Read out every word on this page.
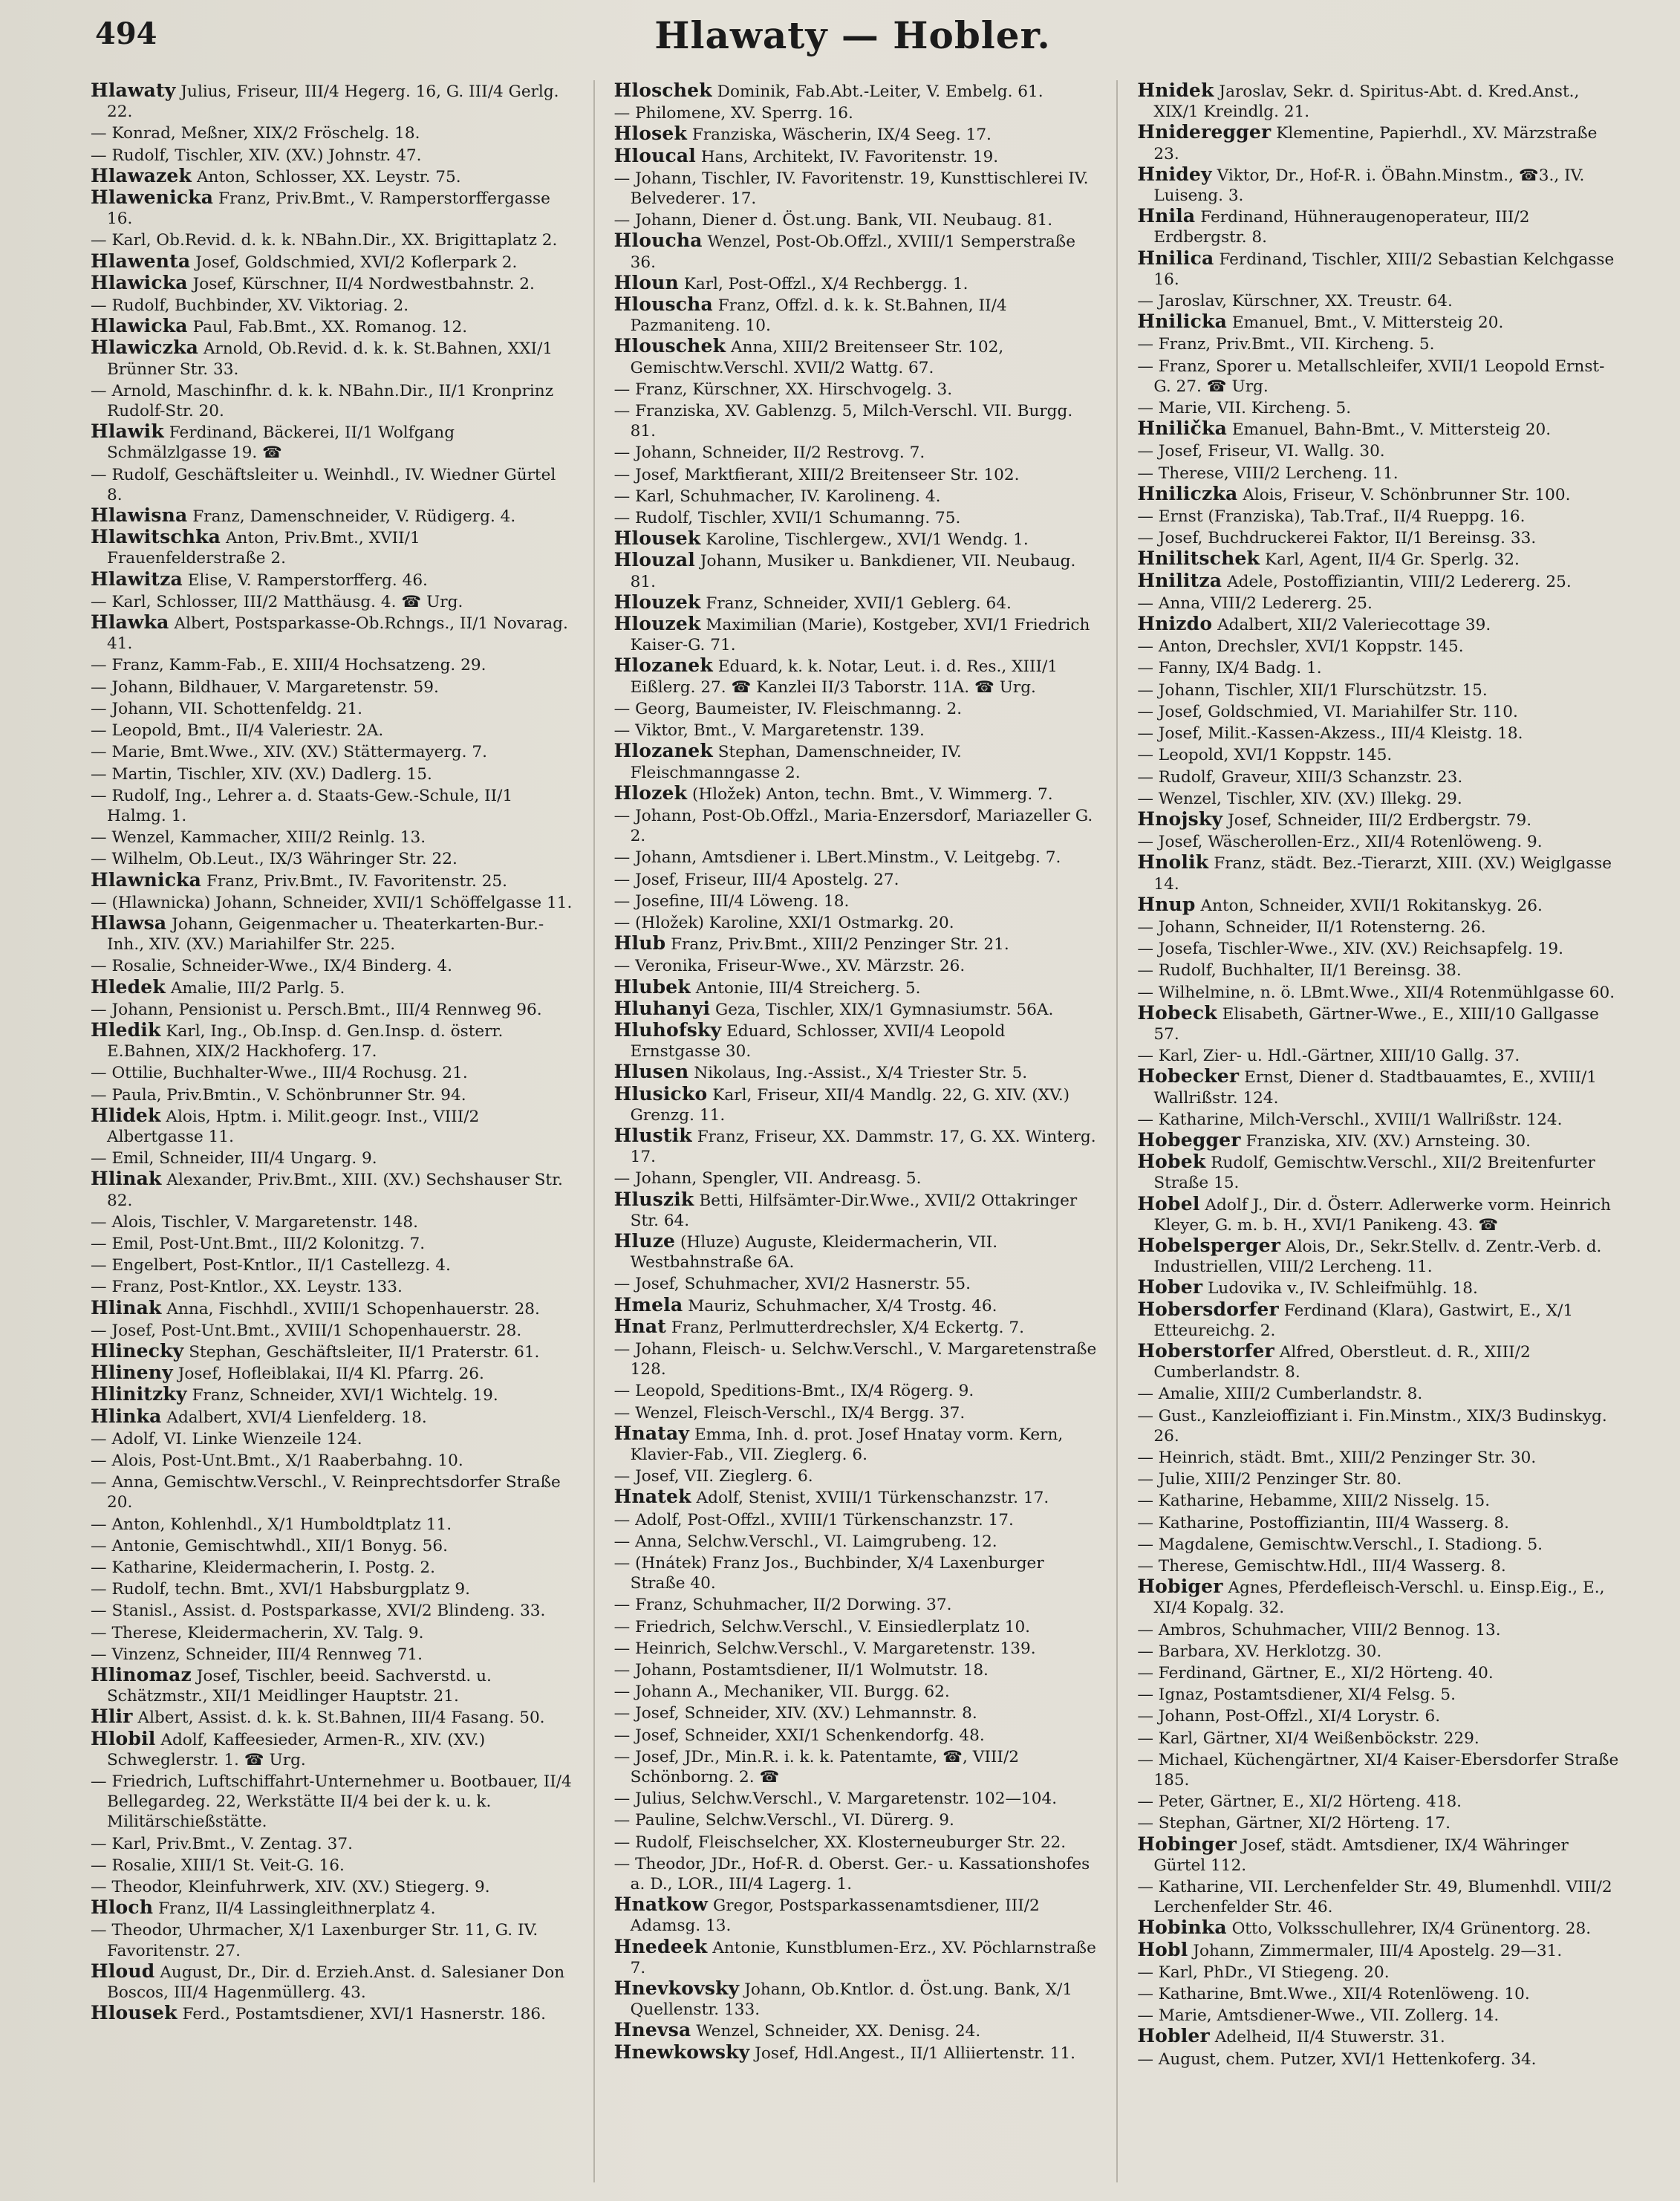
494	Hlawaty — Hobler.
Hlawaty Julius, Friseur, III/4 Hegerg. 16, G. III/4 Gerlg. 22.
— Konrad, Meßner, XIX/2 Fröschelg. 18.
— Rudolf, Tischler, XIV. (XV.) Johnstr. 47.
Hlawazek Anton, Schlosser, XX. Leystr. 75.
Hlawenicka Franz, Priv.Bmt., V. Ramperstorffergasse 16.
— Karl, Ob.Revid. d. k. k. NBahn.Dir., XX. Brigittaplatz 2.
Hlawenta Josef, Goldschmied, XVI/2 Koflerpark 2.
Hlawicka Josef, Kürschner, II/4 Nordwestbahnstr. 2.
— Rudolf, Buchbinder, XV. Viktoriag. 2.
Hlawicka Paul, Fab.Bmt., XX. Romanog. 12.
Hlawiczka Arnold, Ob.Revid. d. k. k. St.Bahnen, XXI/1 Brünner Str. 33.
— Arnold, Maschinfhr. d. k. k. NBahn.Dir., II/1 Kronprinz Rudolf-Str. 20.
Hlawik Ferdinand, Bäckerei, II/1 Wolfgang Schmälzlgasse 19. ☎
— Rudolf, Geschäftsleiter u. Weinhdl., IV. Wiedner Gürtel 8.
Hlawisna Franz, Damenschneider, V. Rüdigerg. 4.
Hlawitschka Anton, Priv.Bmt., XVII/1 Frauenfelderstraße 2.
Hlawitza Elise, V. Ramperstorfferg. 46.
— Karl, Schlosser, III/2 Matthäusg. 4. ☎ Urg.
Hlawka Albert, Postsparkasse-Ob.Rchngs., II/1 Novarag. 41.
— Franz, Kamm-Fab., E. XIII/4 Hochsatzeng. 29.
— Johann, Bildhauer, V. Margaretenstr. 59.
— Johann, VII. Schottenfeldg. 21.
— Leopold, Bmt., II/4 Valeriestr. 2A.
— Marie, Bmt.Wwe., XIV. (XV.) Stättermayerg. 7.
— Martin, Tischler, XIV. (XV.) Dadlerg. 15.
— Rudolf, Ing., Lehrer a. d. Staats-Gew.-Schule, II/1 Halmg. 1.
— Wenzel, Kammacher, XIII/2 Reinlg. 13.
— Wilhelm, Ob.Leut., IX/3 Währinger Str. 22.
Hlawnicka Franz, Priv.Bmt., IV. Favoritenstr. 25.
— (Hlawnicka) Johann, Schneider, XVII/1 Schöffelgasse 11.
Hlawsa Johann, Geigenmacher u. Theaterkarten-Bur.-Inh., XIV. (XV.) Mariahilfer Str. 225.
— Rosalie, Schneider-Wwe., IX/4 Binderg. 4.
Hledek Amalie, III/2 Parlg. 5.
— Johann, Pensionist u. Persch.Bmt., III/4 Rennweg 96.
Hledik Karl, Ing., Ob.Insp. d. Gen.Insp. d. österr. E.Bahnen, XIX/2 Hackhoferg. 17.
— Ottilie, Buchhalter-Wwe., III/4 Rochusg. 21.
— Paula, Priv.Bmtin., V. Schönbrunner Str. 94.
Hlidek Alois, Hptm. i. Milit.geogr. Inst., VIII/2 Albertgasse 11.
— Emil, Schneider, III/4 Ungarg. 9.
Hlinak Alexander, Priv.Bmt., XIII. (XV.) Sechshauser Str. 82.
— Alois, Tischler, V. Margaretenstr. 148.
— Emil, Post-Unt.Bmt., III/2 Kolonitzg. 7.
— Engelbert, Post-Kntlor., II/1 Castellezg. 4.
— Franz, Post-Kntlor., XX. Leystr. 133.
Hlinak Anna, Fischhdl., XVIII/1 Schopenhauerstr. 28.
— Josef, Post-Unt.Bmt., XVIII/1 Schopenhauerstr. 28.
Hlinecky Stephan, Geschäftsleiter, II/1 Praterstr. 61.
Hlineny Josef, Hofleiblakai, II/4 Kl. Pfarrg. 26.
Hlinitzky Franz, Schneider, XVI/1 Wichtelg. 19.
Hlinka Adalbert, XVI/4 Lienfelderg. 18.
— Adolf, VI. Linke Wienzeile 124.
— Alois, Post-Unt.Bmt., X/1 Raaberbahng. 10.
— Anna, Gemischtw.Verschl., V. Reinprechtsdorfer Straße 20.
— Anton, Kohlenhdl., X/1 Humboldtplatz 11.
— Antonie, Gemischtwhdl., XII/1 Bonyg. 56.
— Katharine, Kleidermacherin, I. Postg. 2.
— Rudolf, techn. Bmt., XVI/1 Habsburgplatz 9.
— Stanisl., Assist. d. Postsparkasse, XVI/2 Blindeng. 33.
— Therese, Kleidermacherin, XV. Talg. 9.
— Vinzenz, Schneider, III/4 Rennweg 71.
Hlinomaz Josef, Tischler, beeid. Sachverstd. u. Schätzmstr., XII/1 Meidlinger Hauptstr. 21.
Hlir Albert, Assist. d. k. k. St.Bahnen, III/4 Fasang. 50.
Hlobil Adolf, Kaffeesieder, Armen-R., XIV. (XV.) Schweglerstr. 1. ☎ Urg.
— Friedrich, Luftschiffahrt-Unternehmer u. Bootbauer, II/4 Bellegardeg. 22, Werkstätte II/4 bei der k. u. k. Militärschießstätte.
— Karl, Priv.Bmt., V. Zentag. 37.
— Rosalie, XIII/1 St. Veit-G. 16.
— Theodor, Kleinfuhrwerk, XIV. (XV.) Stiegerg. 9.
Hloch Franz, II/4 Lassingleithnerplatz 4.
— Theodor, Uhrmacher, X/1 Laxenburger Str. 11, G. IV. Favoritenstr. 27.
Hloud August, Dr., Dir. d. Erzieh.Anst. d. Salesianer Don Boscos, III/4 Hagenmüllerg. 43.
Hlousek Ferd., Postamtsdiener, XVI/1 Hasnerstr. 186.
Hloschek Dominik, Fab.Abt.-Leiter, V. Embelg. 61.
— Philomene, XV. Sperrg. 16.
Hlosek Franziska, Wäscherin, IX/4 Seeg. 17.
Hloucal Hans, Architekt, IV. Favoritenstr. 19.
— Johann, Tischler, IV. Favoritenstr. 19, Kunsttischlerei IV. Belvederег. 17.
— Johann, Diener d. Öst.ung. Bank, VII. Neubaug. 81.
Hloucha Wenzel, Post-Ob.Offzl., XVIII/1 Semperstraße 36.
Hloun Karl, Post-Offzl., X/4 Rechbergg. 1.
Hlouscha Franz, Offzl. d. k. k. St.Bahnen, II/4 Pazmaniteng. 10.
Hlouschek Anna, XIII/2 Breitenseer Str. 102, Gemischtw.Verschl. XVII/2 Wattg. 67.
— Franz, Kürschner, XX. Hirschvogelg. 3.
— Franziska, XV. Gablenzg. 5, Milch-Verschl. VII. Burgg. 81.
— Johann, Schneider, II/2 Restrovg. 7.
— Josef, Marktfierant, XIII/2 Breitenseer Str. 102.
— Karl, Schuhmacher, IV. Karolineng. 4.
— Rudolf, Tischler, XVII/1 Schumanng. 75.
Hlousek Karoline, Tischlergew., XVI/1 Wendg. 1.
Hlouzal Johann, Musiker u. Bankdiener, VII. Neubaug. 81.
Hlouzek Franz, Schneider, XVII/1 Geblerg. 64.
Hlouzek Maximilian (Marie), Kostgeber, XVI/1 Friedrich Kaiser-G. 71.
Hlozanek Eduard, k. k. Notar, Leut. i. d. Res., XIII/1 Eißlerg. 27. ☎ Kanzlei II/3 Taborstr. 11A. ☎ Urg.
— Georg, Baumeister, IV. Fleischmanng. 2.
— Viktor, Bmt., V. Margaretenstr. 139.
Hlozanek Stephan, Damenschneider, IV. Fleischmanngasse 2.
Hlozek (Hložek) Anton, techn. Bmt., V. Wimmerg. 7.
— Johann, Post-Ob.Offzl., Maria-Enzersdorf, Mariazeller G. 2.
— Johann, Amtsdiener i. LBert.Minstm., V. Leitgebg. 7.
— Josef, Friseur, III/4 Apostelg. 27.
— Josefine, III/4 Löweng. 18.
— (Hložek) Karoline, XXI/1 Ostmarkg. 20.
Hlub Franz, Priv.Bmt., XIII/2 Penzinger Str. 21.
— Veronika, Friseur-Wwe., XV. Märzstr. 26.
Hlubek Antonie, III/4 Streicherg. 5.
Hluhanyi Geza, Tischler, XIX/1 Gymnasiumstr. 56A.
Hluhofsky Eduard, Schlosser, XVII/4 Leopold Ernstgasse 30.
Hlusen Nikolaus, Ing.-Assist., X/4 Triester Str. 5.
Hlusicko Karl, Friseur, XII/4 Mandlg. 22, G. XIV. (XV.) Grenzg. 11.
Hlustik Franz, Friseur, XX. Dammstr. 17, G. XX. Winterg. 17.
— Johann, Spengler, VII. Andreasg. 5.
Hluszik Betti, Hilfsämter-Dir.Wwe., XVII/2 Ottakringer Str. 64.
Hluze (Hluze) Auguste, Kleidermacherin, VII. Westbahnstraße 6A.
— Josef, Schuhmacher, XVI/2 Hasnerstr. 55.
Hmela Mauriz, Schuhmacher, X/4 Trostg. 46.
Hnat Franz, Perlmutterdrechsler, X/4 Eckertg. 7.
— Johann, Fleisch- u. Selchw.Verschl., V. Margaretenstraße 128.
— Leopold, Speditions-Bmt., IX/4 Rögerg. 9.
— Wenzel, Fleisch-Verschl., IX/4 Bergg. 37.
Hnatay Emma, Inh. d. prot. Josef Hnatay vorm. Kern, Klavier-Fab., VII. Zieglerg. 6.
— Josef, VII. Zieglerg. 6.
Hnatek Adolf, Stenist, XVIII/1 Türkenschanzstr. 17.
— Adolf, Post-Offzl., XVIII/1 Türkenschanzstr. 17.
— Anna, Selchw.Verschl., VI. Laimgrubeng. 12.
— (Hnátek) Franz Jos., Buchbinder, X/4 Laxenburger Straße 40.
— Franz, Schuhmacher, II/2 Dorwing. 37.
— Friedrich, Selchw.Verschl., V. Einsiedlerplatz 10.
— Heinrich, Selchw.Verschl., V. Margaretenstr. 139.
— Johann, Postamtsdiener, II/1 Wolmutstr. 18.
— Johann A., Mechaniker, VII. Burgg. 62.
— Josef, Schneider, XIV. (XV.) Lehmannstr. 8.
— Josef, Schneider, XXI/1 Schenkendorfg. 48.
— Josef, JDr., Min.R. i. k. k. Patentamte, ☎, VIII/2 Schönborng. 2. ☎
— Julius, Selchw.Verschl., V. Margaretenstr. 102—104.
— Pauline, Selchw.Verschl., VI. Dürerg. 9.
— Rudolf, Fleischselcher, XX. Klosterneuburger Str. 22.
— Theodor, JDr., Hof-R. d. Oberst. Ger.- u. Kassationshofes a. D., LOR., III/4 Lagerg. 1.
Hnatkow Gregor, Postsparkassenamtsdiener, III/2 Adamsg. 13.
Hnedeek Antonie, Kunstblumen-Erz., XV. Pöchlarnstraße 7.
Hnevkovsky Johann, Ob.Kntlor. d. Öst.ung. Bank, X/1 Quellenstr. 133.
Hnevsa Wenzel, Schneider, XX. Denisg. 24.
Hnewkowsky Josef, Hdl.Angest., II/1 Alliiertenstr. 11.
Hnidek Jaroslav, Sekr. d. Spiritus-Abt. d. Kred.Anst., XIX/1 Kreindlg. 21.
Hnideregger Klementine, Papierhdl., XV. Märzstraße 23.
Hnidey Viktor, Dr., Hof-R. i. ÖBahn.Minstm., ☎3., IV. Luiseng. 3.
Hnila Ferdinand, Hühneraugenoperateur, III/2 Erdbergstr. 8.
Hnilica Ferdinand, Tischler, XIII/2 Sebastian Kelchgasse 16.
— Jaroslav, Kürschner, XX. Treustr. 64.
Hnilicka Emanuel, Bmt., V. Mittersteig 20.
— Franz, Priv.Bmt., VII. Kircheng. 5.
— Franz, Sporer u. Metallschleifer, XVII/1 Leopold Ernst-G. 27. ☎ Urg.
— Marie, VII. Kircheng. 5.
Hnilička Emanuel, Bahn-Bmt., V. Mittersteig 20.
— Josef, Friseur, VI. Wallg. 30.
— Therese, VIII/2 Lercheng. 11.
Hniliczka Alois, Friseur, V. Schönbrunner Str. 100.
— Ernst (Franziska), Tab.Traf., II/4 Rueppg. 16.
— Josef, Buchdruckerei Faktor, II/1 Bereinsg. 33.
Hnilitschek Karl, Agent, II/4 Gr. Sperlg. 32.
Hnilitza Adele, Postoffiziantin, VIII/2 Ledererg. 25.
— Anna, VIII/2 Ledererg. 25.
Hnizdo Adalbert, XII/2 Valeriecottage 39.
— Anton, Drechsler, XVI/1 Koppstr. 145.
— Fanny, IX/4 Badg. 1.
— Johann, Tischler, XII/1 Flurschützstr. 15.
— Josef, Goldschmied, VI. Mariahilfer Str. 110.
— Josef, Milit.-Kassen-Akzess., III/4 Kleistg. 18.
— Leopold, XVI/1 Koppstr. 145.
— Rudolf, Graveur, XIII/3 Schanzstr. 23.
— Wenzel, Tischler, XIV. (XV.) Illekg. 29.
Hnojsky Josef, Schneider, III/2 Erdbergstr. 79.
— Josef, Wäscherollen-Erz., XII/4 Rotenlöweng. 9.
Hnolik Franz, städt. Bez.-Tierarzt, XIII. (XV.) Weiglgasse 14.
Hnup Anton, Schneider, XVII/1 Rokitanskyg. 26.
— Johann, Schneider, II/1 Rotensterng. 26.
— Josefa, Tischler-Wwe., XIV. (XV.) Reichsapfelg. 19.
— Rudolf, Buchhalter, II/1 Bereinsg. 38.
— Wilhelmine, n. ö. LBmt.Wwe., XII/4 Rotenmühlgasse 60.
Hobeck Elisabeth, Gärtner-Wwe., E., XIII/10 Gallgasse 57.
— Karl, Zier- u. Hdl.-Gärtner, XIII/10 Gallg. 37.
Hobecker Ernst, Diener d. Stadtbauamtes, E., XVIII/1 Wallrißstr. 124.
— Katharine, Milch-Verschl., XVIII/1 Wallrißstr. 124.
Hobegger Franziska, XIV. (XV.) Arnsteing. 30.
Hobek Rudolf, Gemischtw.Verschl., XII/2 Breitenfurter Straße 15.
Hobel Adolf J., Dir. d. Österr. Adlerwerke vorm. Heinrich Kleyer, G. m. b. H., XVI/1 Panikeng. 43. ☎
Hobelsperger Alois, Dr., Sekr.Stellv. d. Zentr.-Verb. d. Industriellen, VIII/2 Lercheng. 11.
Hober Ludovika v., IV. Schleifmühlg. 18.
Hobersdorfer Ferdinand (Klara), Gastwirt, E., X/1 Etteureichg. 2.
Hoberstorfer Alfred, Oberstleut. d. R., XIII/2 Cumberlandstr. 8.
— Amalie, XIII/2 Cumberlandstr. 8.
— Gust., Kanzleioffiziant i. Fin.Minstm., XIX/3 Budinskyg. 26.
— Heinrich, städt. Bmt., XIII/2 Penzinger Str. 30.
— Julie, XIII/2 Penzinger Str. 80.
— Katharine, Hebamme, XIII/2 Nisselg. 15.
— Katharine, Postoffiziantin, III/4 Wasserg. 8.
— Magdalene, Gemischtw.Verschl., I. Stadiong. 5.
— Therese, Gemischtw.Hdl., III/4 Wasserg. 8.
Hobiger Agnes, Pferdefleisch-Verschl. u. Einsp.Eig., E., XI/4 Kopalg. 32.
— Ambros, Schuhmacher, VIII/2 Bennog. 13.
— Barbara, XV. Herklotzg. 30.
— Ferdinand, Gärtner, E., XI/2 Hörteng. 40.
— Ignaz, Postamtsdiener, XI/4 Felsg. 5.
— Johann, Post-Offzl., XI/4 Lorystr. 6.
— Karl, Gärtner, XI/4 Weißenböckstr. 229.
— Michael, Küchengärtner, XI/4 Kaiser-Ebersdorfer Straße 185.
— Peter, Gärtner, E., XI/2 Hörteng. 418.
— Stephan, Gärtner, XI/2 Hörteng. 17.
Hobinger Josef, städt. Amtsdiener, IX/4 Währinger Gürtel 112.
— Katharine, VII. Lerchenfelder Str. 49, Blumenhdl. VIII/2 Lerchenfelder Str. 46.
Hobinka Otto, Volksschullehrer, IX/4 Grünentorg. 28.
Hobl Johann, Zimmermaler, III/4 Apostelg. 29—31.
— Karl, PhDr., VI Stiegeng. 20.
— Katharine, Bmt.Wwe., XII/4 Rotenlöweng. 10.
— Marie, Amtsdiener-Wwe., VII. Zollerg. 14.
Hobler Adelheid, II/4 Stuwerstr. 31.
— August, chem. Putzer, XVI/1 Hettenkoferg. 34.
